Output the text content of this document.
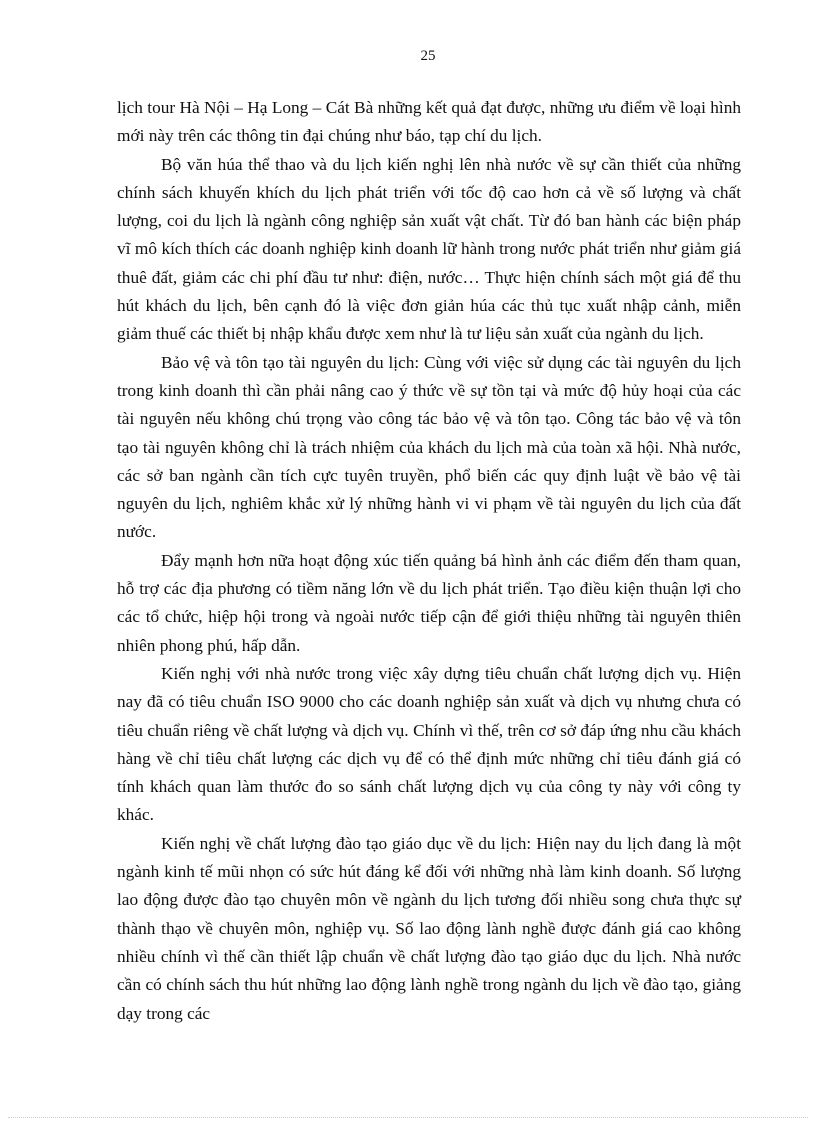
25

lịch tour Hà Nội – Hạ Long – Cát Bà những kết quả đạt được, những ưu điểm về loại hình mới này trên các thông tin đại chúng như báo, tạp chí du lịch.

Bộ văn húa thể thao và du lịch kiến nghị lên nhà nước về sự cần thiết của những chính sách khuyến khích du lịch phát triển với tốc độ cao hơn cả về số lượng và chất lượng, coi du lịch là ngành công nghiệp sản xuất vật chất. Từ đó ban hành các biện pháp vĩ mô kích thích các doanh nghiệp kinh doanh lữ hành trong nước phát triển như giảm giá thuê đất, giảm các chi phí đầu tư như: điện, nước… Thực hiện chính sách một giá để thu hút khách du lịch, bên cạnh đó là việc đơn giản húa các thủ tục xuất nhập cảnh, miễn giảm thuế các thiết bị nhập khẩu được xem như là tư liệu sản xuất của ngành du lịch.

Bảo vệ và tôn tạo tài nguyên du lịch: Cùng với việc sử dụng các tài nguyên du lịch trong kinh doanh thì cần phải nâng cao ý thức về sự tồn tại và mức độ hủy hoại của các tài nguyên nếu không chú trọng vào công tác bảo vệ và tôn tạo. Công tác bảo vệ và tôn tạo tài nguyên không chỉ là trách nhiệm của khách du lịch mà của toàn xã hội. Nhà nước, các sở ban ngành cần tích cực tuyên truyền, phổ biến các quy định luật về bảo vệ tài nguyên du lịch, nghiêm khắc xử lý những hành vi vi phạm về tài nguyên du lịch của đất nước.

Đẩy mạnh hơn nữa hoạt động xúc tiến quảng bá hình ảnh các điểm đến tham quan, hỗ trợ các địa phương có tiềm năng lớn về du lịch phát triển. Tạo điều kiện thuận lợi cho các tổ chức, hiệp hội trong và ngoài nước tiếp cận để giới thiệu những tài nguyên thiên nhiên phong phú, hấp dẫn.

Kiến nghị với nhà nước trong việc xây dựng tiêu chuẩn chất lượng dịch vụ. Hiện nay đã có tiêu chuẩn ISO 9000 cho các doanh nghiệp sản xuất và dịch vụ nhưng chưa có tiêu chuẩn riêng về chất lượng và dịch vụ. Chính vì thế, trên cơ sở đáp ứng nhu cầu khách hàng về chỉ tiêu chất lượng các dịch vụ để có thể định mức những chỉ tiêu đánh giá có tính khách quan làm thước đo so sánh chất lượng dịch vụ của công ty này với công ty khác.

Kiến nghị về chất lượng đào tạo giáo dục về du lịch: Hiện nay du lịch đang là một ngành kinh tế mũi nhọn có sức hút đáng kể đối với những nhà làm kinh doanh. Số lượng lao động được đào tạo chuyên môn về ngành du lịch tương đối nhiều song chưa thực sự thành thạo về chuyên môn, nghiệp vụ. Số lao động lành nghề được đánh giá cao không nhiều chính vì thế cần thiết lập chuẩn về chất lượng đào tạo giáo dục du lịch. Nhà nước cần có chính sách thu hút những lao động lành nghề trong ngành du lịch về đào tạo, giảng dạy trong các
